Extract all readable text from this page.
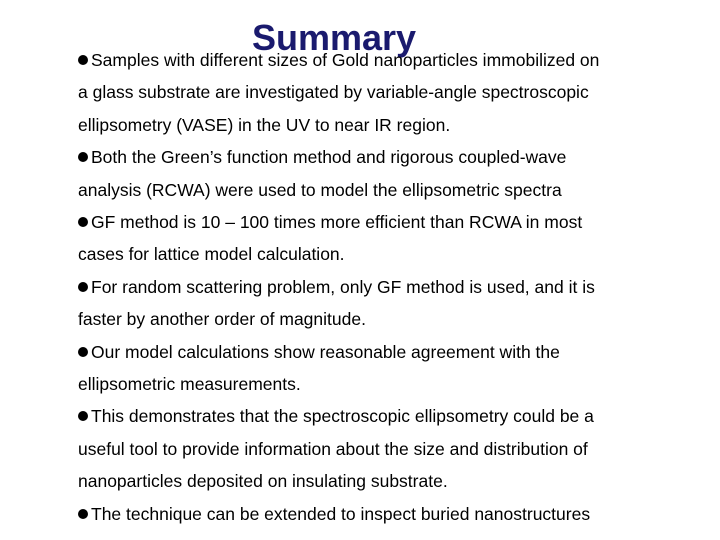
Summary
Samples with different sizes of Gold nanoparticles immobilized on
a glass substrate are investigated by variable-angle spectroscopic
ellipsometry (VASE) in the UV to near IR region.
Both the Green’s function method and rigorous coupled-wave
analysis (RCWA) were used to model the ellipsometric spectra
GF method is 10 – 100 times more efficient than RCWA in most
cases for lattice model calculation.
For random scattering problem, only GF method is used, and it is
faster by another order of magnitude.
Our model calculations show reasonable agreement with the
ellipsometric measurements.
This demonstrates that the spectroscopic ellipsometry could be a
useful tool to provide information about the size and distribution of
nanoparticles deposited on insulating substrate.
The technique can be extended to inspect buried nanostructures
